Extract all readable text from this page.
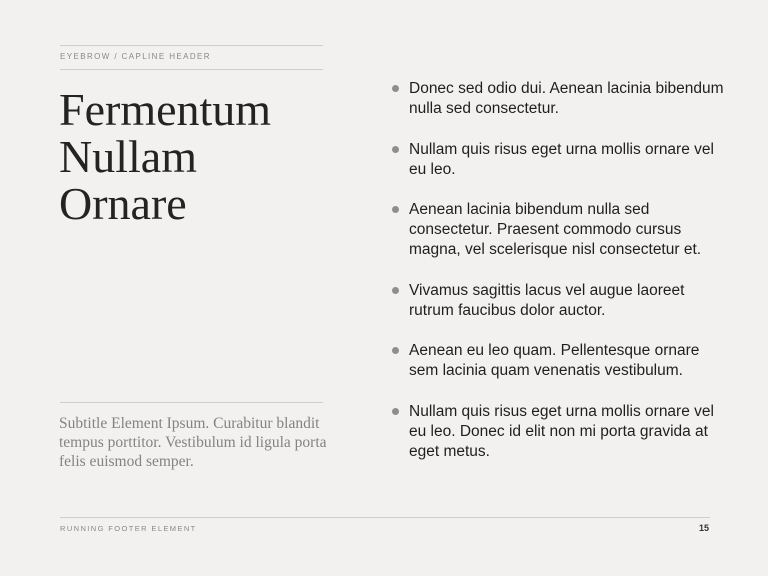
EYEBROW / CAPLINE HEADER
Fermentum
Nullam
Ornare
Subtitle Element Ipsum. Curabitur blandit tempus porttitor. Vestibulum id ligula porta felis euismod semper.
Donec sed odio dui. Aenean lacinia bibendum nulla sed consectetur.
Nullam quis risus eget urna mollis ornare vel eu leo.
Aenean lacinia bibendum nulla sed consectetur. Praesent commodo cursus magna, vel scelerisque nisl consectetur et.
Vivamus sagittis lacus vel augue laoreet rutrum faucibus dolor auctor.
Aenean eu leo quam. Pellentesque ornare sem lacinia quam venenatis vestibulum.
Nullam quis risus eget urna mollis ornare vel eu leo. Donec id elit non mi porta gravida at eget metus.
RUNNING FOOTER ELEMENT	15
